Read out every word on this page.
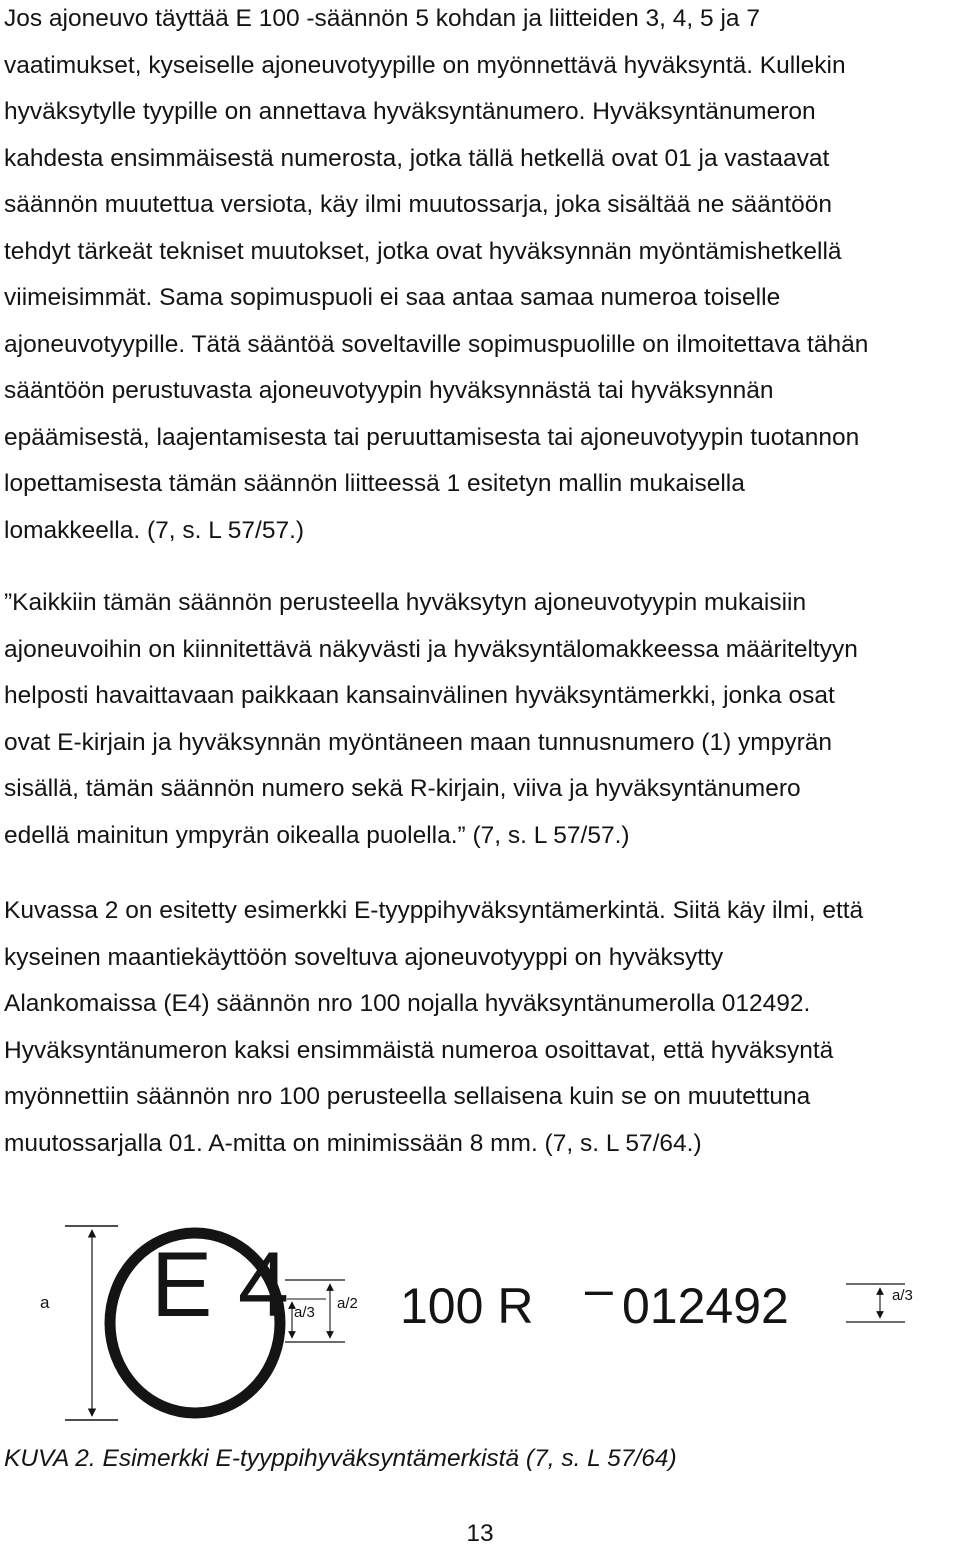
Jos ajoneuvo täyttää E 100 -säännön 5 kohdan ja liitteiden 3, 4, 5 ja 7
vaatimukset, kyseiselle ajoneuvotyypille on myönnettävä hyväksyntä. Kullekin
hyväksytylle tyypille on annettava hyväksyntänumero. Hyväksyntänumeron
kahdesta ensimmäisestä numerosta, jotka tällä hetkellä ovat 01 ja vastaavat
säännön muutettua versiota, käy ilmi muutossarja, joka sisältää ne sääntöön
tehdyt tärkeät tekniset muutokset, jotka ovat hyväksynnän myöntämishetkellä
viimeisimmät. Sama sopimuspuoli ei saa antaa samaa numeroa toiselle
ajoneuvotyypille. Tätä sääntöä soveltaville sopimuspuolille on ilmoitettava tähän
sääntöön perustuvasta ajoneuvotyypin hyväksynnästä tai hyväksynnän
epäämisestä, laajentamisesta tai peruuttamisesta tai ajoneuvotyypin tuotannon
lopettamisesta tämän säännön liitteessä 1 esitetyn mallin mukaisella
lomakkeella. (7, s. L 57/57.)
”Kaikkiin tämän säännön perusteella hyväksytyn ajoneuvotyypin mukaisiin
ajoneuvoihin on kiinnitettävä näkyvästi ja hyväksyntälomakkeessa määriteltyyn
helposti havaittavaan paikkaan kansainvälinen hyväksyntämerkki, jonka osat
ovat E-kirjain ja hyväksynnän myöntäneen maan tunnusnumero (1) ympyrän
sisällä, tämän säännön numero sekä R-kirjain, viiva ja hyväksyntänumero
edellä mainitun ympyrän oikealla puolella.” (7, s. L 57/57.)
Kuvassa 2 on esitetty esimerkki E-tyyppihyväksyntämerkintä. Siitä käy ilmi, että
kyseinen maantiekäyttöön soveltuva ajoneuvotyyppi on hyväksytty
Alankomaissa (E4) säännön nro 100 nojalla hyväksyntänumerolla 012492.
Hyväksyntänumeron kaksi ensimmäistä numeroa osoittavat, että hyväksyntä
myönnettiin säännön nro 100 perusteella sellaisena kuin se on muutettuna
muutossarjalla 01. A-mitta on minimissään 8 mm. (7, s. L 57/64.)
a E 4	a/2
a/3 100 R – 012492	a/3
KUVA 2. Esimerkki E-tyyppihyväksyntämerkistä (7, s. L 57/64)
13
